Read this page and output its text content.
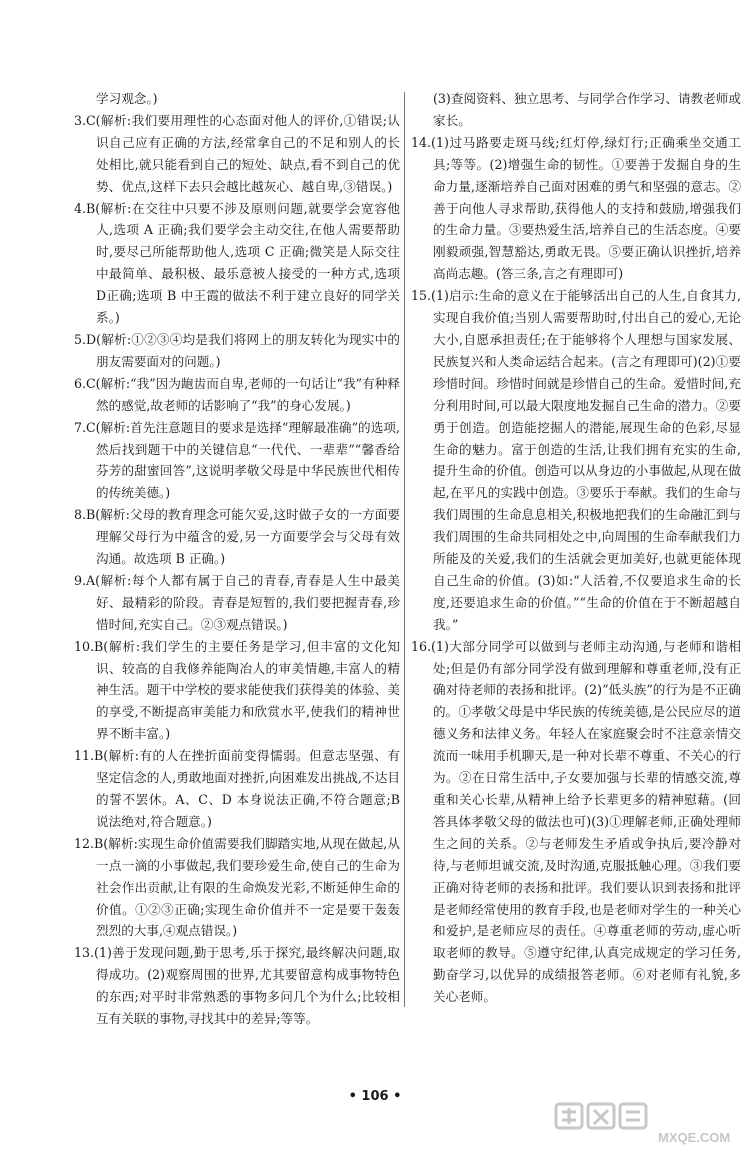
学习观念。)

3.C(解析:我们要用理性的心态面对他人的评价,①错误;认识自己应有正确的方法,经常拿自己的不足和别人的长处相比,就只能看到自己的短处、缺点,看不到自己的优势、优点,这样下去只会越比越灰心、越自卑,③错误。)

4.B(解析:在交往中只要不涉及原则问题,就要学会宽容他人,选项 A 正确;我们要学会主动交往,在他人需要帮助时,要尽己所能帮助他人,选项 C 正确;微笑是人际交往中最简单、最积极、最乐意被人接受的一种方式,选项 D正确;选项 B 中王霞的做法不利于建立良好的同学关系。)

5.D(解析:①②③④均是我们将网上的朋友转化为现实中的朋友需要面对的问题。)

6.C(解析:“我”因为龅齿而自卑,老师的一句话让“我”有种释然的感觉,故老师的话影响了“我”的身心发展。)

7.C(解析:首先注意题目的要求是选择“理解最准确”的选项,然后找到题干中的关键信息“一代代、一辈辈”“馨香给芬芳的甜蜜回答”,这说明孝敬父母是中华民族世代相传的传统美德。)

8.B(解析:父母的教育理念可能欠妥,这时做子女的一方面要理解父母行为中蕴含的爱,另一方面要学会与父母有效沟通。故选项 B 正确。)

9.A(解析:每个人都有属于自己的青春,青春是人生中最美好、最精彩的阶段。青春是短暂的,我们要把握青春,珍惜时间,充实自己。②③观点错误。)

10.B(解析:我们学生的主要任务是学习,但丰富的文化知识、较高的自我修养能陶冶人的审美情趣,丰富人的精神生活。题干中学校的要求能使我们获得美的体验、美的享受,不断提高审美能力和欣赏水平,使我们的精神世界不断丰富。)

11.B(解析:有的人在挫折面前变得懦弱。但意志坚强、有坚定信念的人,勇敢地面对挫折,向困难发出挑战,不达目的誓不罢休。A、C、D 本身说法正确,不符合题意;B 说法绝对,符合题意。)

12.B(解析:实现生命价值需要我们脚踏实地,从现在做起,从一点一滴的小事做起,我们要珍爱生命,使自己的生命为社会作出贡献,让有限的生命焕发光彩,不断延伸生命的价值。①②③正确;实现生命价值并不一定是要干轰轰烈烈的大事,④观点错误。)

13.(1)善于发现问题,勤于思考,乐于探究,最终解决问题,取得成功。(2)观察周围的世界,尤其要留意构成事物特色的东西;对平时非常熟悉的事物多问几个为什么;比较相互有关联的事物,寻找其中的差异;等等。

(3)查阅资料、独立思考、与同学合作学习、请教老师或家长。

14.(1)过马路要走斑马线;红灯停,绿灯行;正确乘坐交通工具;等等。(2)增强生命的韧性。①要善于发掘自身的生命力量,逐渐培养自己面对困难的勇气和坚强的意志。②善于向他人寻求帮助,获得他人的支持和鼓励,增强我们的生命力量。③要热爱生活,培养自己的生活态度。④要刚毅顽强,智慧豁达,勇敢无畏。⑤要正确认识挫折,培养高尚志趣。(答三条,言之有理即可)

15.(1)启示:生命的意义在于能够活出自己的人生,自食其力,实现自我价值;当别人需要帮助时,付出自己的爱心,无论大小,自愿承担责任;在于能够将个人理想与国家发展、民族复兴和人类命运结合起来。(言之有理即可)(2)①要珍惜时间。珍惜时间就是珍惜自己的生命。爱惜时间,充分利用时间,可以最大限度地发掘自己生命的潜力。②要勇于创造。创造能挖掘人的潜能,展现生命的色彩,尽显生命的魅力。富于创造的生活,让我们拥有充实的生命,提升生命的价值。创造可以从身边的小事做起,从现在做起,在平凡的实践中创造。③要乐于奉献。我们的生命与我们周围的生命息息相关,积极地把我们的生命融汇到与我们周围的生命共同相处之中,向周围的生命奉献我们力所能及的关爱,我们的生活就会更加美好,也就更能体现自己生命的价值。(3)如:“人活着,不仅要追求生命的长度,还要追求生命的价值。”“生命的价值在于不断超越自我。”

16.(1)大部分同学可以做到与老师主动沟通,与老师和谐相处;但是仍有部分同学没有做到理解和尊重老师,没有正确对待老师的表扬和批评。(2)“低头族”的行为是不正确的。①孝敬父母是中华民族的传统美德,是公民应尽的道德义务和法律义务。年轻人在家庭聚会时不注意亲情交流而一味用手机聊天,是一种对长辈不尊重、不关心的行为。②在日常生活中,子女要加强与长辈的情感交流,尊重和关心长辈,从精神上给予长辈更多的精神慰藉。(回答具体孝敬父母的做法也可)(3)①理解老师,正确处理师生之间的关系。②与老师发生矛盾或争执后,要冷静对待,与老师坦诚交流,及时沟通,克服抵触心理。③我们要正确对待老师的表扬和批评。我们要认识到表扬和批评是老师经常使用的教育手段,也是老师对学生的一种关心和爱护,是老师应尽的责任。④尊重老师的劳动,虚心听取老师的教导。⑤遵守纪律,认真完成规定的学习任务,勤奋学习,以优异的成绩报答老师。⑥对老师有礼貌,多关心老师。

• 106 •
MXQE.COM
